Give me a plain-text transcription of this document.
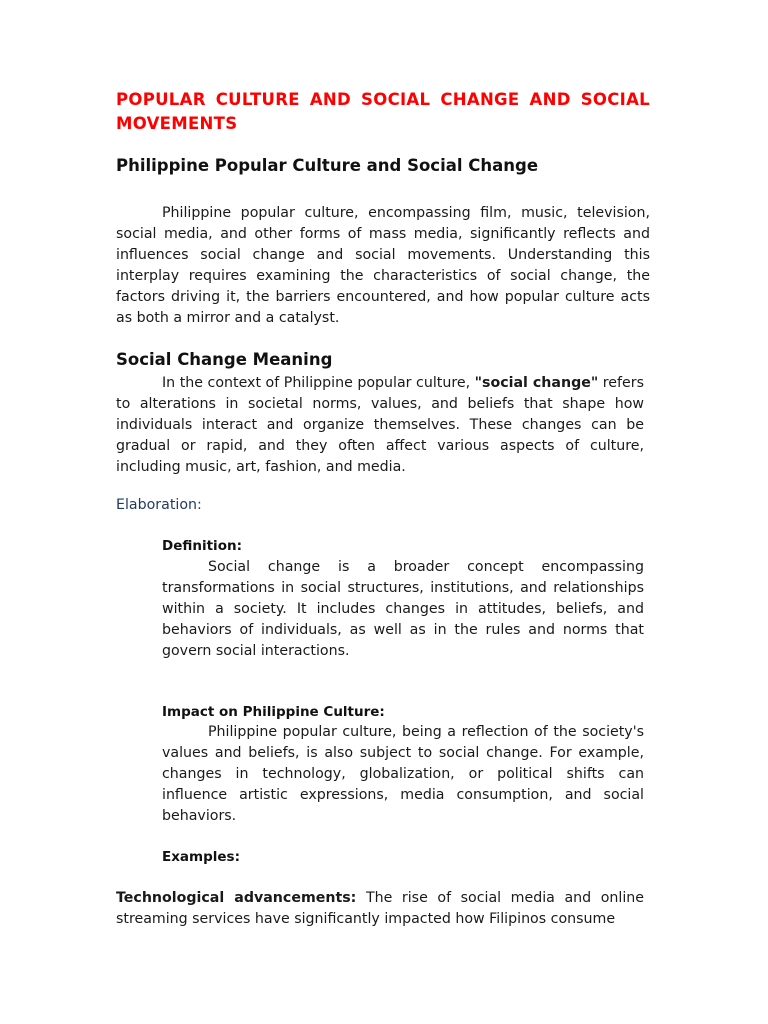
POPULAR CULTURE AND SOCIAL CHANGE AND SOCIAL MOVEMENTS
Philippine Popular Culture and Social Change

Philippine popular culture, encompassing film, music, television, social media, and other forms of mass media, significantly reflects and influences social change and social movements. Understanding this interplay requires examining the characteristics of social change, the factors driving it, the barriers encountered, and how popular culture acts as both a mirror and a catalyst.

Social Change Meaning

In the context of Philippine popular culture, "social change" refers to alterations in societal norms, values, and beliefs that shape how individuals interact and organize themselves. These changes can be gradual or rapid, and they often affect various aspects of culture, including music, art, fashion, and media.

Elaboration:

Definition:

Social change is a broader concept encompassing transformations in social structures, institutions, and relationships within a society. It includes changes in attitudes, beliefs, and behaviors of individuals, as well as in the rules and norms that govern social interactions.

Impact on Philippine Culture:

Philippine popular culture, being a reflection of the society's values and beliefs, is also subject to social change. For example, changes in technology, globalization, or political shifts can influence artistic expressions, media consumption, and social behaviors.

Examples:

Technological advancements: The rise of social media and online streaming services have significantly impacted how Filipinos consume
